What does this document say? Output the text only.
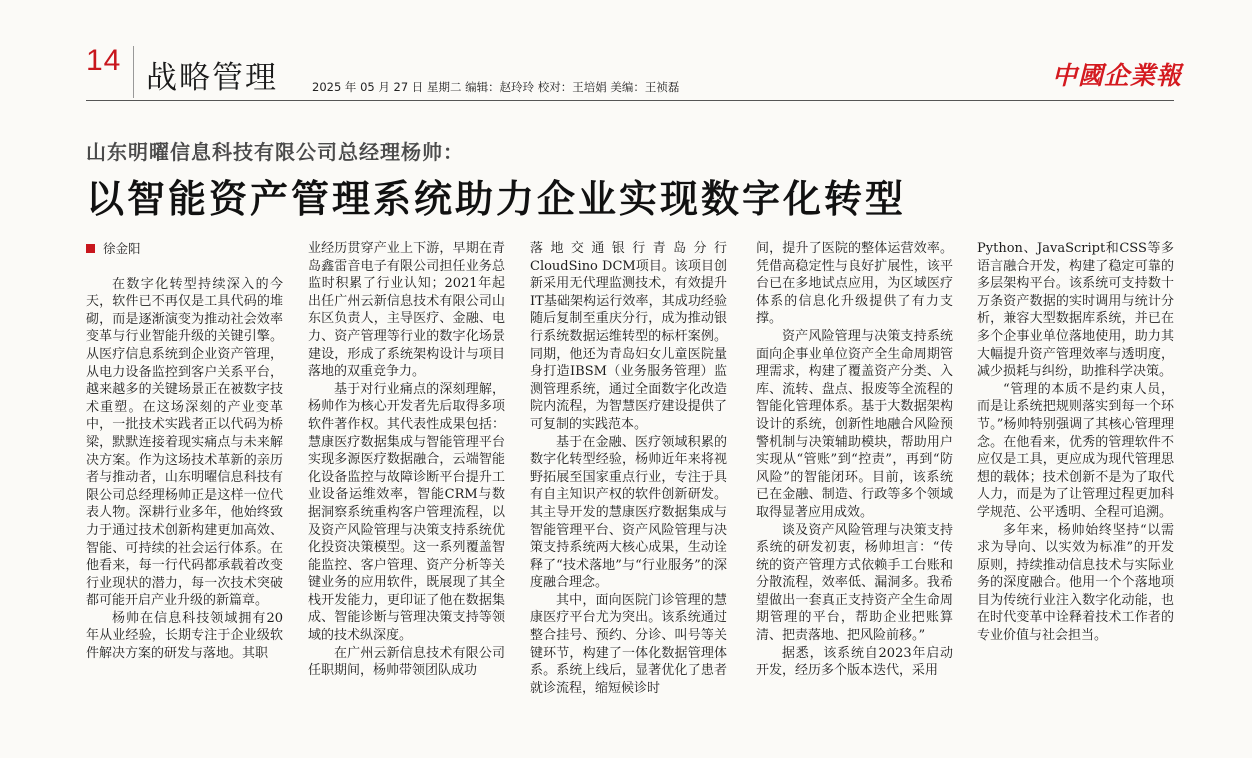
14 战略管理	2025 年 05 月 27 日 星期二 编辑：赵玲玲 校对：王培娟 美编：王祯磊	中國企業報
山东明曜信息科技有限公司总经理杨帅：
以智能资产管理系统助力企业实现数字化转型
徐金阳

在数字化转型持续深入的今天，软件已不再仅是工具代码的堆砌，而是逐渐演变为推动社会效率变革与行业智能升级的关键引擎。从医疗信息系统到企业资产管理，从电力设备监控到客户关系平台，越来越多的关键场景正在被数字技术重塑。在这场深刻的产业变革中，一批技术实践者正以代码为桥梁，默默连接着现实痛点与未来解决方案。作为这场技术革新的亲历者与推动者，山东明曜信息科技有限公司总经理杨帅正是这样一位代表人物。深耕行业多年，他始终致力于通过技术创新构建更加高效、智能、可持续的社会运行体系。在他看来，每一行代码都承载着改变行业现状的潜力，每一次技术突破都可能开启产业升级的新篇章。

杨帅在信息科技领域拥有20年从业经验，长期专注于企业级软件解决方案的研发与落地。其职

业经历贯穿产业上下游，早期在青岛鑫雷音电子有限公司担任业务总监时积累了行业认知；2021年起出任广州云新信息技术有限公司山东区负责人，主导医疗、金融、电力、资产管理等行业的数字化场景建设，形成了系统架构设计与项目落地的双重竞争力。

基于对行业痛点的深刻理解，杨帅作为核心开发者先后取得多项软件著作权。其代表性成果包括：慧康医疗数据集成与智能管理平台实现多源医疗数据融合，云端智能化设备监控与故障诊断平台提升工业设备运维效率，智能CRM与数据洞察系统重构客户管理流程，以及资产风险管理与决策支持系统优化投资决策模型。这一系列覆盖智能监控、客户管理、资产分析等关键业务的应用软件，既展现了其全栈开发能力，更印证了他在数据集成、智能诊断与管理决策支持等领域的技术纵深度。

在广州云新信息技术有限公司任职期间，杨帅带领团队成功

落地交通银行青岛分行CloudSino DCM项目。该项目创新采用无代理监测技术，有效提升IT基础架构运行效率，其成功经验随后复制至重庆分行，成为推动银行系统数据运维转型的标杆案例。同期，他还为青岛妇女儿童医院量身打造IBSM（业务服务管理）监测管理系统，通过全面数字化改造院内流程，为智慧医疗建设提供了可复制的实践范本。

基于在金融、医疗领域积累的数字化转型经验，杨帅近年来将视野拓展至国家重点行业，专注于具有自主知识产权的软件创新研发。其主导开发的慧康医疗数据集成与智能管理平台、资产风险管理与决策支持系统两大核心成果，生动诠释了“技术落地”与“行业服务”的深度融合理念。

其中，面向医院门诊管理的慧康医疗平台尤为突出。该系统通过整合挂号、预约、分诊、叫号等关键环节，构建了一体化数据管理体系。系统上线后，显著优化了患者就诊流程，缩短候诊时

间，提升了医院的整体运营效率。凭借高稳定性与良好扩展性，该平台已在多地试点应用，为区域医疗体系的信息化升级提供了有力支撑。

资产风险管理与决策支持系统面向企事业单位资产全生命周期管理需求，构建了覆盖资产分类、入库、流转、盘点、报废等全流程的智能化管理体系。基于大数据架构设计的系统，创新性地融合风险预警机制与决策辅助模块，帮助用户实现从“管账”到“控责”，再到“防风险”的智能闭环。目前，该系统已在金融、制造、行政等多个领域取得显著应用成效。

谈及资产风险管理与决策支持系统的研发初衷，杨帅坦言：“传统的资产管理方式依赖手工台账和分散流程，效率低、漏洞多。我希望做出一套真正支持资产全生命周期管理的平台，帮助企业把账算清、把责落地、把风险前移。”

据悉，该系统自2023年启动开发，经历多个版本迭代，采用

Python、JavaScript和CSS等多语言融合开发，构建了稳定可靠的多层架构平台。该系统可支持数十万条资产数据的实时调用与统计分析，兼容大型数据库系统，并已在多个企事业单位落地使用，助力其大幅提升资产管理效率与透明度，减少损耗与纠纷，助推科学决策。

“管理的本质不是约束人员，而是让系统把规则落实到每一个环节。”杨帅特别强调了其核心管理理念。在他看来，优秀的管理软件不应仅是工具，更应成为现代管理思想的载体；技术创新不是为了取代人力，而是为了让管理过程更加科学规范、公平透明、全程可追溯。

多年来，杨帅始终坚持“以需求为导向、以实效为标准”的开发原则，持续推动信息技术与实际业务的深度融合。他用一个个落地项目为传统行业注入数字化动能，也在时代变革中诠释着技术工作者的专业价值与社会担当。
